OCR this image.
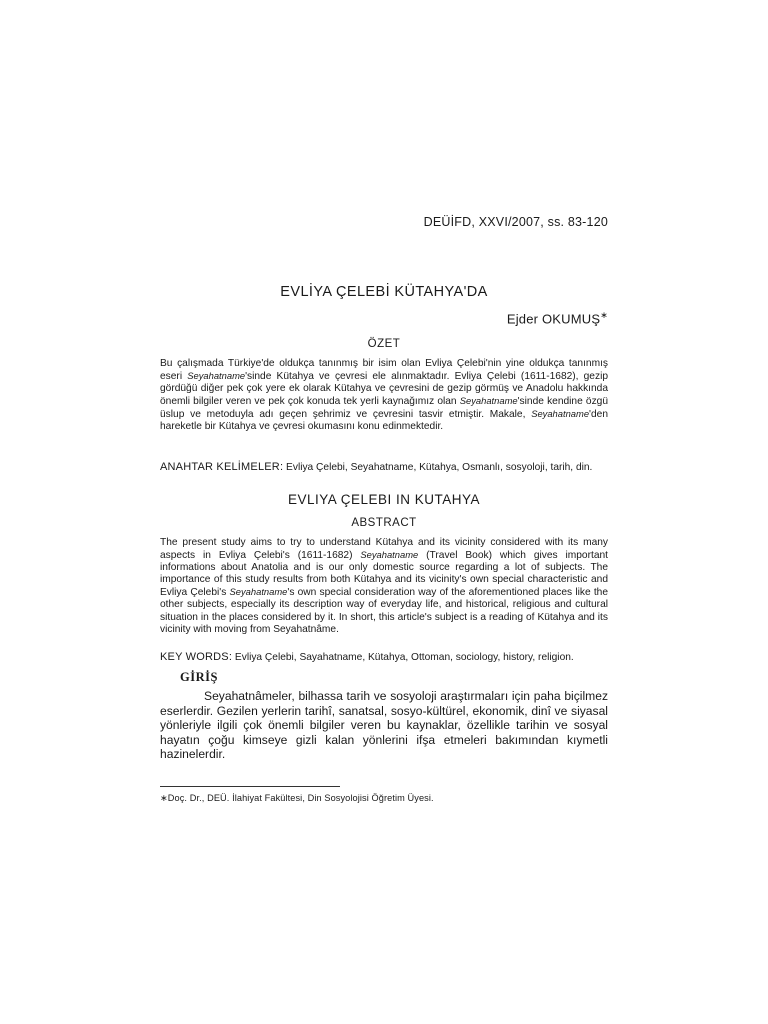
DEÜİFD, XXVI/2007, ss. 83-120
EVLİYA ÇELEBİ KÜTAHYA'DA
Ejder OKUMUŞ∗
ÖZET

Bu çalışmada Türkiye'de oldukça tanınmış bir isim olan Evliya Çelebi'nin yine oldukça tanınmış eseri Seyahatname'sinde Kütahya ve çevresi ele alınmaktadır. Evliya Çelebi (1611-1682), gezip gördüğü diğer pek çok yere ek olarak Kütahya ve çevresini de gezip görmüş ve Anadolu hakkında önemli bilgiler veren ve pek çok konuda tek yerli kaynağımız olan Seyahatname'sinde kendine özgü üslup ve metoduyla adı geçen şehrimiz ve çevresini tasvir etmiştir. Makale, Seyahatname'den hareketle bir Kütahya ve çevresi okumasını konu edinmektedir.

ANAHTAR KELİMELER: Evliya Çelebi, Seyahatname, Kütahya, Osmanlı, sosyoloji, tarih, din.

EVLIYA ÇELEBI IN KUTAHYA
ABSTRACT

The present study aims to try to understand Kütahya and its vicinity considered with its many aspects in Evliya Çelebi's (1611-1682) Seyahatname (Travel Book) which gives important informations about Anatolia and is our only domestic source regarding a lot of subjects. The importance of this study results from both Kütahya and its vicinity's own special characteristic and Evliya Çelebi's Seyahatname's own special consideration way of the aforementioned places like the other subjects, especially its description way of everyday life, and historical, religious and cultural situation in the places considered by it. In short, this article's subject is a reading of Kütahya and its vicinity with moving from Seyahatnâme.

KEY WORDS: Evliya Çelebi, Sayahatname, Kütahya, Ottoman, sociology, history, religion.

GİRİŞ

Seyahatnâmeler, bilhassa tarih ve sosyoloji araştırmaları için paha biçilmez eserlerdir. Gezilen yerlerin tarihî, sanatsal, sosyo-kültürel, ekonomik, dinî ve siyasal yönleriyle ilgili çok önemli bilgiler veren bu kaynaklar, özellikle tarihin ve sosyal hayatın çoğu kimseye gizli kalan yönlerini ifşa etmeleri bakımından kıymetli hazinelerdir.

∗Doç. Dr., DEÜ. İlahiyat Fakültesi, Din Sosyolojisi Öğretim Üyesi.
